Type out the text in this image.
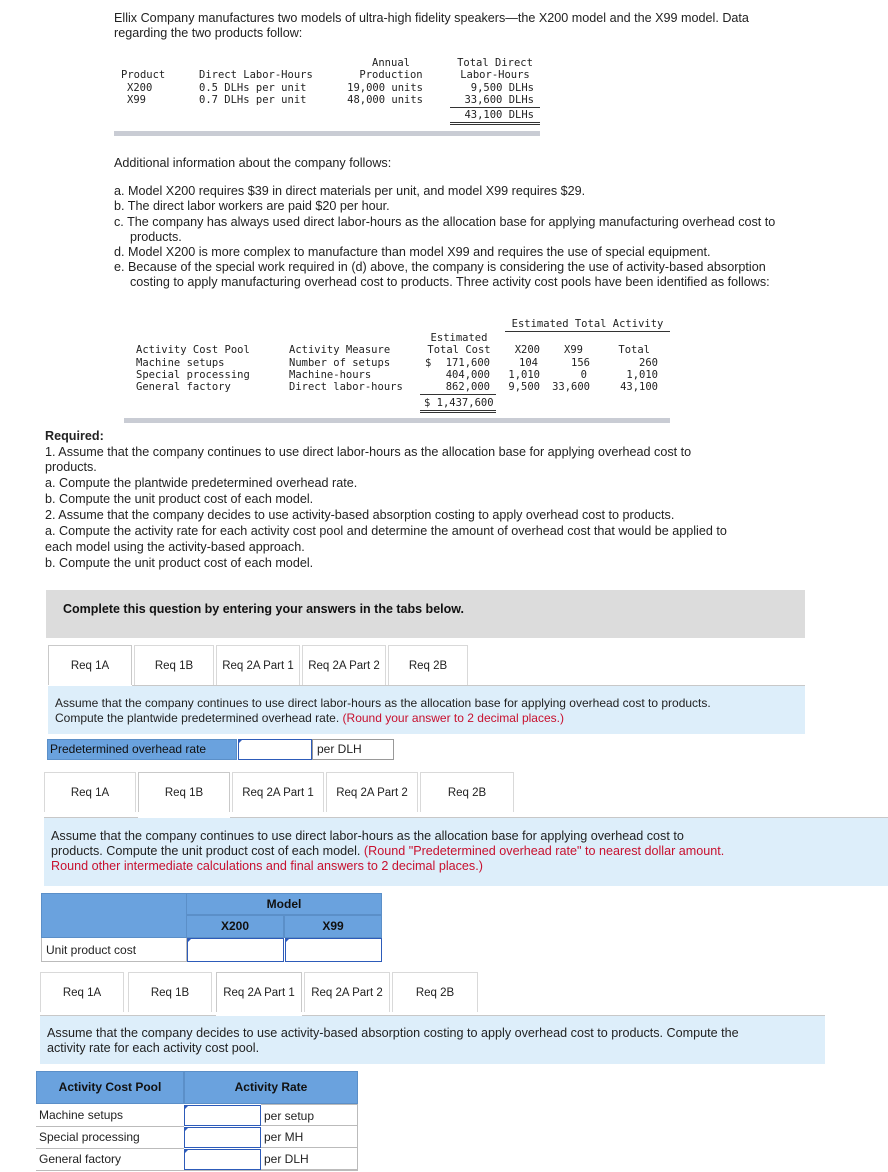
Ellix Company manufactures two models of ultra-high fidelity speakers—the X200 model and the X99 model. Data
regarding the two products follow:
Annual
Production
Total Direct
Labor-Hours
Product	Direct Labor-Hours
X200	0.5 DLHs per unit	19,000 units	9,500 DLHs
X99	0.7 DLHs per unit	48,000 units	33,600 DLHs
43,100 DLHs
Additional information about the company follows:
a. Model X200 requires $39 in direct materials per unit, and model X99 requires $29.
b. The direct labor workers are paid $20 per hour.
c. The company has always used direct labor-hours as the allocation base for applying manufacturing overhead cost to
products.
d. Model X200 is more complex to manufacture than model X99 and requires the use of special equipment.
e. Because of the special work required in (d) above, the company is considering the use of activity-based absorption
costing to apply manufacturing overhead cost to products. Three activity cost pools have been identified as follows:
Estimated Total Activity
Estimated
Total Cost
Activity Cost Pool	Activity Measure	X200	X99	Total
Machine setups	Number of setups	$	171,600	104	156	260
Special processing	Machine-hours	404,000	1,010	0	1,010
General factory	Direct labor-hours	862,000	9,500	33,600	43,100
$ 1,437,600
Required:
1. Assume that the company continues to use direct labor-hours as the allocation base for applying overhead cost to
products.
a. Compute the plantwide predetermined overhead rate.
b. Compute the unit product cost of each model.
2. Assume that the company decides to use activity-based absorption costing to apply overhead cost to products.
a. Compute the activity rate for each activity cost pool and determine the amount of overhead cost that would be applied to
each model using the activity-based approach.
b. Compute the unit product cost of each model.
Complete this question by entering your answers in the tabs below.
Req 1A	Req 1B	Req 2A Part 1	Req 2A Part 2	Req 2B
Assume that the company continues to use direct labor-hours as the allocation base for applying overhead cost to products.
Compute the plantwide predetermined overhead rate. (Round your answer to 2 decimal places.)
Predetermined overhead rate	per DLH
Req 1A	Req 1B	Req 2A Part 1	Req 2A Part 2	Req 2B
Assume that the company continues to use direct labor-hours as the allocation base for applying overhead cost to
products. Compute the unit product cost of each model. (Round "Predetermined overhead rate" to nearest dollar amount.
Round other intermediate calculations and final answers to 2 decimal places.)
Model
X200	X99
Unit product cost
Req 1A	Req 1B	Req 2A Part 1	Req 2A Part 2	Req 2B
Assume that the company decides to use activity-based absorption costing to apply overhead cost to products. Compute the
activity rate for each activity cost pool.
Activity Cost Pool	Activity Rate
Machine setups	per setup
Special processing	per MH
General factory	per DLH
